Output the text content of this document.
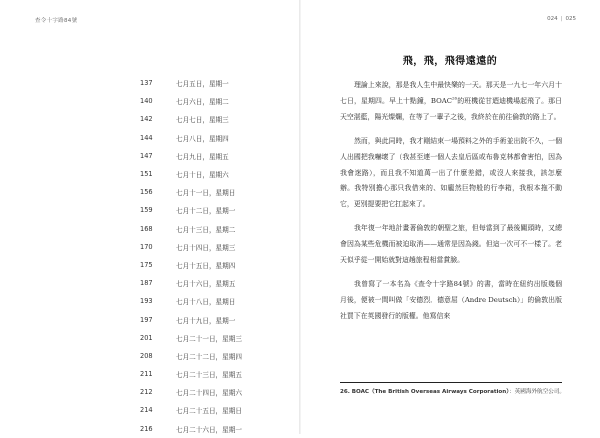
查令十字路84號	024 | 025
137	七月五日，星期一
140	七月六日，星期二
142	七月七日，星期三
144	七月八日，星期四
147	七月九日，星期五
151	七月十日，星期六
156	七月十一日，星期日
159	七月十二日，星期一
168	七月十三日，星期二
170	七月十四日，星期三
175	七月十五日，星期四
187	七月十六日，星期五
193	七月十八日，星期日
197	七月十九日，星期一
201	七月二十一日，星期三
208	七月二十二日，星期四
211	七月二十三日，星期五
212	七月二十四日，星期六
214	七月二十五日，星期日
216	七月二十六日，星期一
飛，飛，飛得遠遠的

理論上來說，那是我人生中最快樂的一天。那天是一九七一年六月十七日，星期四。早上十點鐘，BOAC$^{26}$的班機從甘迺迪機場起飛了。那日天空湛藍，陽光燦爛，在等了一輩子之後，我終於在前往倫敦的路上了。

然而，與此同時，我才剛結束一場預料之外的手術並出院不久，一個人出國把我嚇壞了（我甚至連一個人去皇后區或布魯克林都會害怕，因為我會迷路），而且我不知道萬一出了什麼差錯，或沒人來接我，該怎麼辦。我特別擔心那只我借來的、如龐然巨物般的行李箱，我根本拖不動它，更別提要把它扛起來了。

我年復一年地計畫著倫敦的朝聖之旅，但每當到了最後關頭時，又總會因為某些危機而被迫取消——通常是因為錢。但這一次可不一樣了。老天似乎從一開始就對這趟旅程相當賞臉。

我曾寫了一本名為《查令十字路84號》的書，當時在紐約出版幾個月後，便被一間叫做「安德烈．德意屈（Andre Deutsch）」的倫敦出版社買下在英國發行的版權。他寫信來

26. BOAC（The British Overseas Airways Corporation）：英國海外航空公司。
